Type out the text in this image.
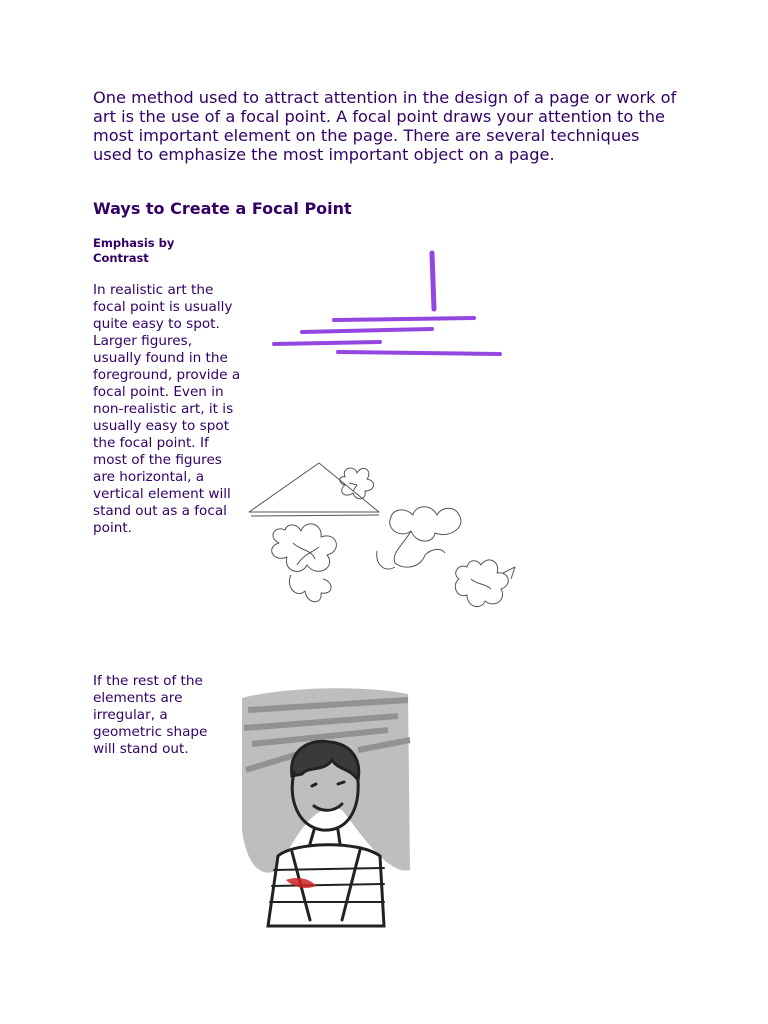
One method used to attract attention in the design of a page or work of art is the use of a focal point. A focal point draws your attention to the most important element on the page. There are several techniques used to emphasize the most important object on a page.

Ways to Create a Focal Point
Emphasis by Contrast

In realistic art the focal point is usually quite easy to spot. Larger figures, usually found in the foreground, provide a focal point. Even in non-realistic art, it is usually easy to spot the focal point. If most of the figures are horizontal, a vertical element will stand out as a focal point.

If the rest of the elements are irregular, a geometric shape will stand out.
